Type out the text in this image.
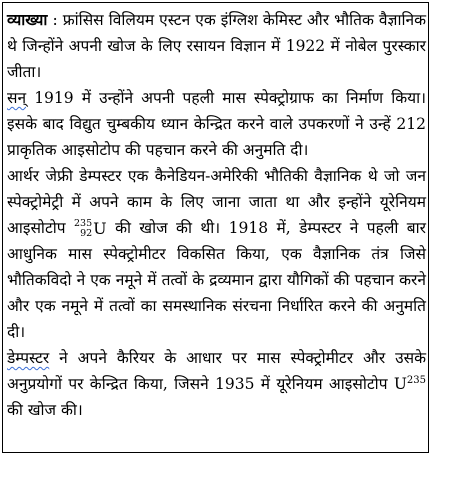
व्याख्या : फ्रांसिस विलियम एस्टन एक इंग्लिश केमिस्ट और भौतिक वैज्ञानिक थे जिन्होंने अपनी खोज के लिए रसायन विज्ञान में 1922 में नोबेल पुरस्कार जीता।

सन् 1919 में उन्होंने अपनी पहली मास स्पेक्ट्रोग्राफ का निर्माण किया। इसके बाद विद्युत चुम्बकीय ध्यान केन्द्रित करने वाले उपकरणों ने उन्हें 212 प्राकृतिक आइसोटोप की पहचान करने की अनुमति दी।

आर्थर जेफ्री डेम्पस्टर एक कैनेडियन-अमेरिकी भौतिकी वैज्ञानिक थे जो जन स्पेक्ट्रोमेट्री में अपने काम के लिए जाना जाता था और इन्होंने यूरेनियम आइसोटोप 235
92 U की खोज की थी। 1918 में, डेम्पस्टर ने पहली बार आधुनिक मास स्पेक्ट्रोमीटर विकसित किया, एक वैज्ञानिक तंत्र जिसे भौतिकविदो ने एक नमूने में तत्वों के द्रव्यमान द्वारा यौगिकों की पहचान करने और एक नमूने में तत्वों का समस्थानिक संरचना निर्धारित करने की अनुमति दी।

डेम्पस्टर ने अपने कैरियर के आधार पर मास स्पेक्ट्रोमीटर और उसके अनुप्रयोगों पर केन्द्रित किया, जिसने 1935 में यूरेनियम आइसोटोप $U^{235}$ की खोज की।
